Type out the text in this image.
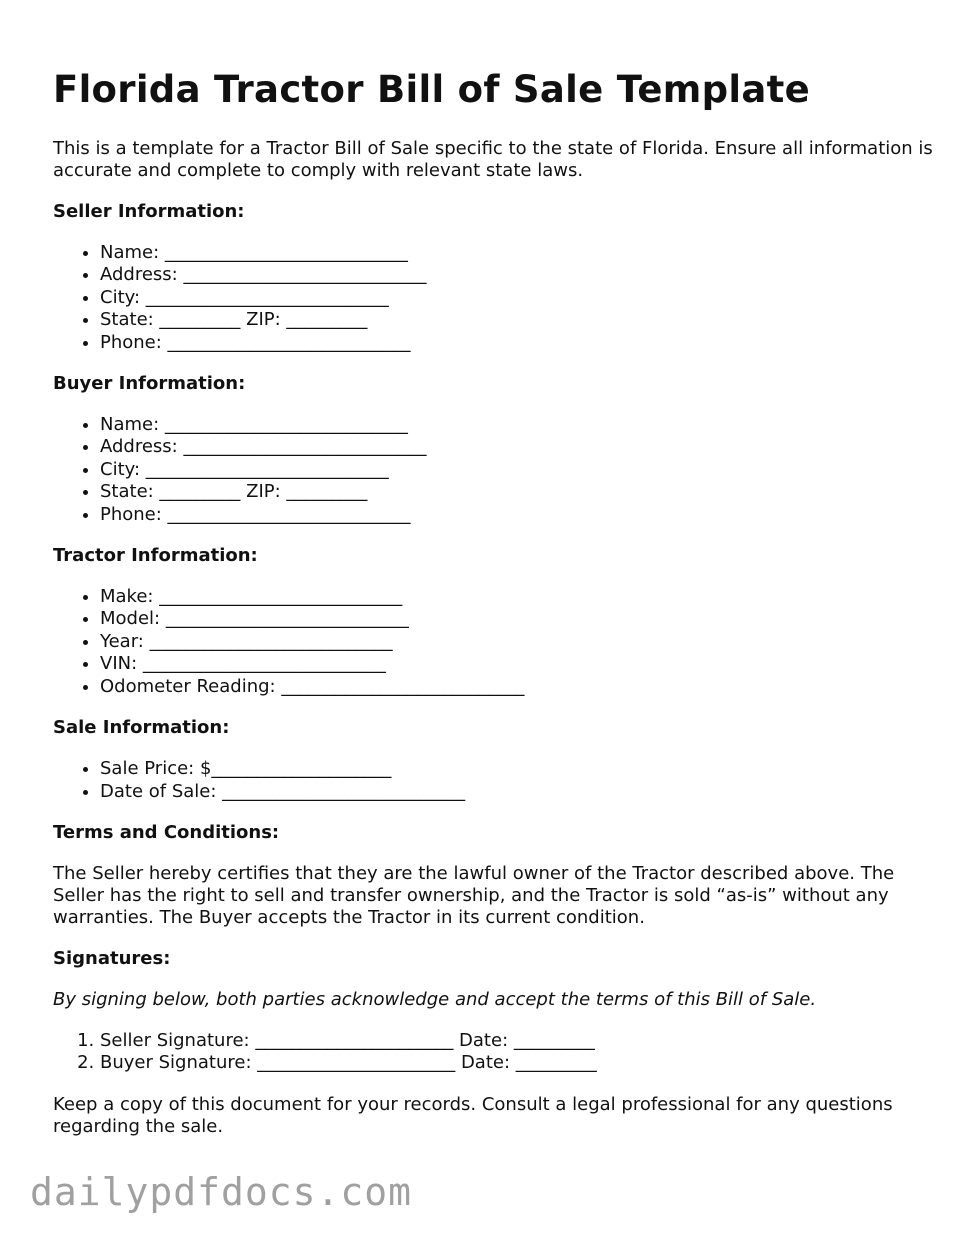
Florida Tractor Bill of Sale Template

This is a template for a Tractor Bill of Sale specific to the state of Florida. Ensure all information is accurate and complete to comply with relevant state laws.

Seller Information:
• Name: ___________________________
• Address: ___________________________
• City: ___________________________
• State: _________ ZIP: _________
• Phone: ___________________________
Buyer Information:
• Name: ___________________________
• Address: ___________________________
• City: ___________________________
• State: _________ ZIP: _________
• Phone: ___________________________
Tractor Information:
• Make: ___________________________
• Model: ___________________________
• Year: ___________________________
• VIN: ___________________________
• Odometer Reading: ___________________________
Sale Information:
• Sale Price: $____________________
• Date of Sale: ___________________________
Terms and Conditions:

The Seller hereby certifies that they are the lawful owner of the Tractor described above. The Seller has the right to sell and transfer ownership, and the Tractor is sold “as-is” without any warranties. The Buyer accepts the Tractor in its current condition.

Signatures:

By signing below, both parties acknowledge and accept the terms of this Bill of Sale.

1. Seller Signature: ______________________ Date: _________
2. Buyer Signature: ______________________ Date: _________

Keep a copy of this document for your records. Consult a legal professional for any questions regarding the sale.

dailypdfdocs.com
